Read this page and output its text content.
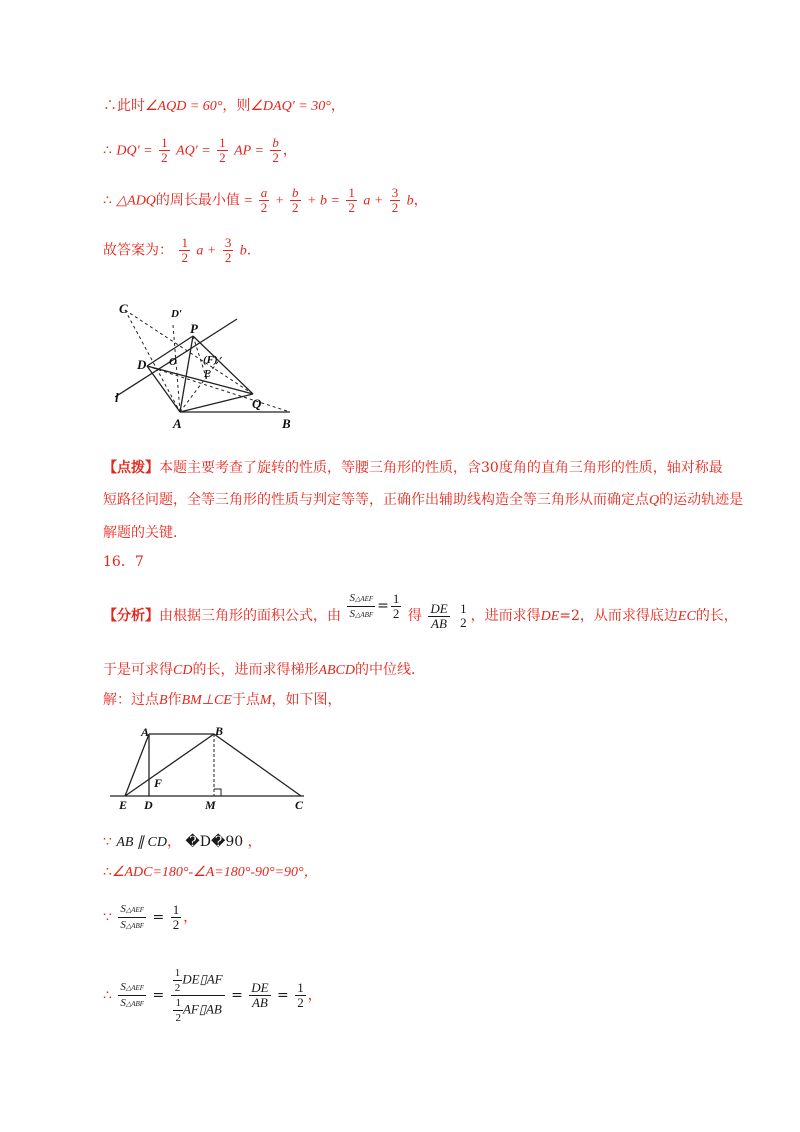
∴此时∠AQD = 60°，则∠DAQ′ = 30°，
∴ $DQ' = \frac{1}{2} AQ' = \frac{1}{2}$ AP = $\frac{b}{2}$ ，
∴ △ADQ的周长最小值 = $\frac{a}{2} + \frac{b}{2} + b = \frac{1}{2}$ $a + \frac{3}{2}$ b，
故答案为： $\frac{1}{2}$ $a + \frac{3}{2} b$.
C	D′
P
D O (F)
E
l	Q
A	B
【点拨】本题主要考查了旋转的性质，等腰三角形的性质，含30度角的直角三角形的性质，轴对称最
短路径问题，全等三角形的性质与判定等等，正确作出辅助线构造全等三角形从而确定点Q的运动轨迹是
解题的关键.
16．7
【分析】由根据三角形的面积公式，由 $\frac{\text{S△AEF}}{\text{S△ABF}} = \frac{1}{2}$ 得 $\frac{DE}{AB}$
1
2 ，进而求得DE=2，从而求得底边EC的长，
于是可求得CD的长，进而求得梯形ABCD的中位线.
解：过点B作BM⊥CE于点M，如下图，
A	B
F
E D	M	C
∵ AB ∥ CD， �D�90 ，
∴∠ADC=180°-∠A=180°-90°=90°，
∵ $\frac{\text{S△AEF}}{\text{S△ABF}} = \frac{1}{2}$ ，
∴ $\frac{\text{S△AEF}}{\text{S△ABF}} = \frac{\frac{1}{2} DE▯AF}{\frac{1}{2} AF▯AB} = \frac{DE}{AB} = \frac{1}{2}$ ，
